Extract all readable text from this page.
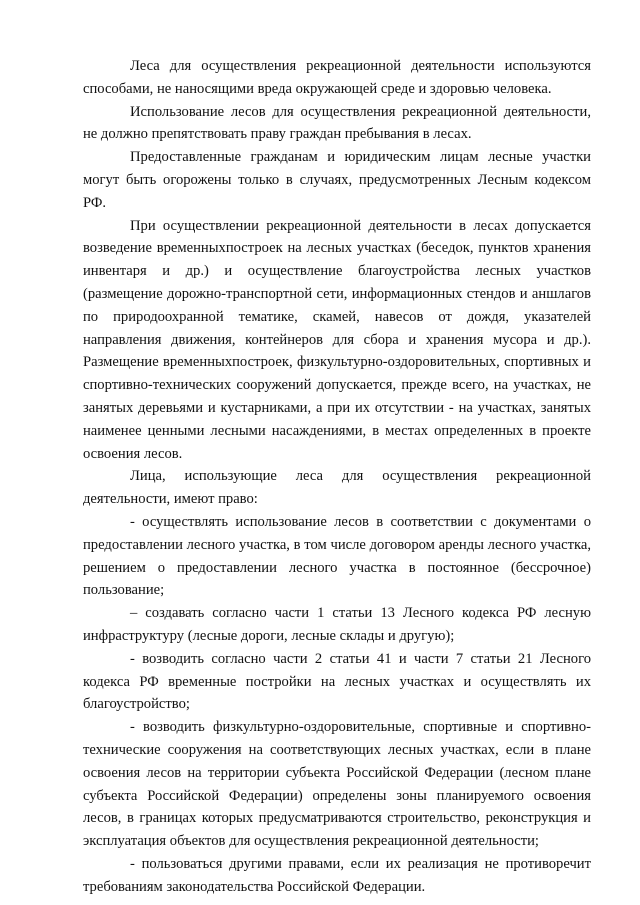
Леса для осуществления рекреационной деятельности используются способами, не наносящими вреда окружающей среде и здоровью человека.

Использование лесов для осуществления рекреационной деятельности, не должно препятствовать праву граждан пребывания в лесах.

Предоставленные гражданам и юридическим лицам лесные участки могут быть огорожены только в случаях, предусмотренных Лесным кодексом РФ.

При осуществлении рекреационной деятельности в лесах допускается возведение временныхпостроек на лесных участках (беседок, пунктов хранения инвентаря и др.) и осуществление благоустройства лесных участков (размещение дорожно-транспортной сети, информационных стендов и аншлагов по природоохранной тематике, скамей, навесов от дождя, указателей направления движения, контейнеров для сбора и хранения мусора и др.). Размещение временныхпостроек, физкультурно-оздоровительных, спортивных и спортивно-технических сооружений допускается, прежде всего, на участках, не занятых деревьями и кустарниками, а при их отсутствии - на участках, занятых наименее ценными лесными насаждениями, в местах определенных в проекте освоения лесов.

Лица, использующие леса для осуществления рекреационной деятельности, имеют право:

- осуществлять использование лесов в соответствии с документами о предоставлении лесного участка, в том числе договором аренды лесного участка, решением о предоставлении лесного участка в постоянное (бессрочное) пользование;

– создавать согласно части 1 статьи 13 Лесного кодекса РФ лесную инфраструктуру (лесные дороги, лесные склады и другую);

- возводить согласно части 2 статьи 41 и части 7 статьи 21 Лесного кодекса РФ временные постройки на лесных участках и осуществлять их благоустройство;

- возводить физкультурно-оздоровительные, спортивные и спортивно-технические сооружения на соответствующих лесных участках, если в плане освоения лесов на территории субъекта Российской Федерации (лесном плане субъекта Российской Федерации) определены зоны планируемого освоения лесов, в границах которых предусматриваются строительство, реконструкция и эксплуатация объектов для осуществления рекреационной деятельности;

- пользоваться другими правами, если их реализация не противоречит требованиям законодательства Российской Федерации.
